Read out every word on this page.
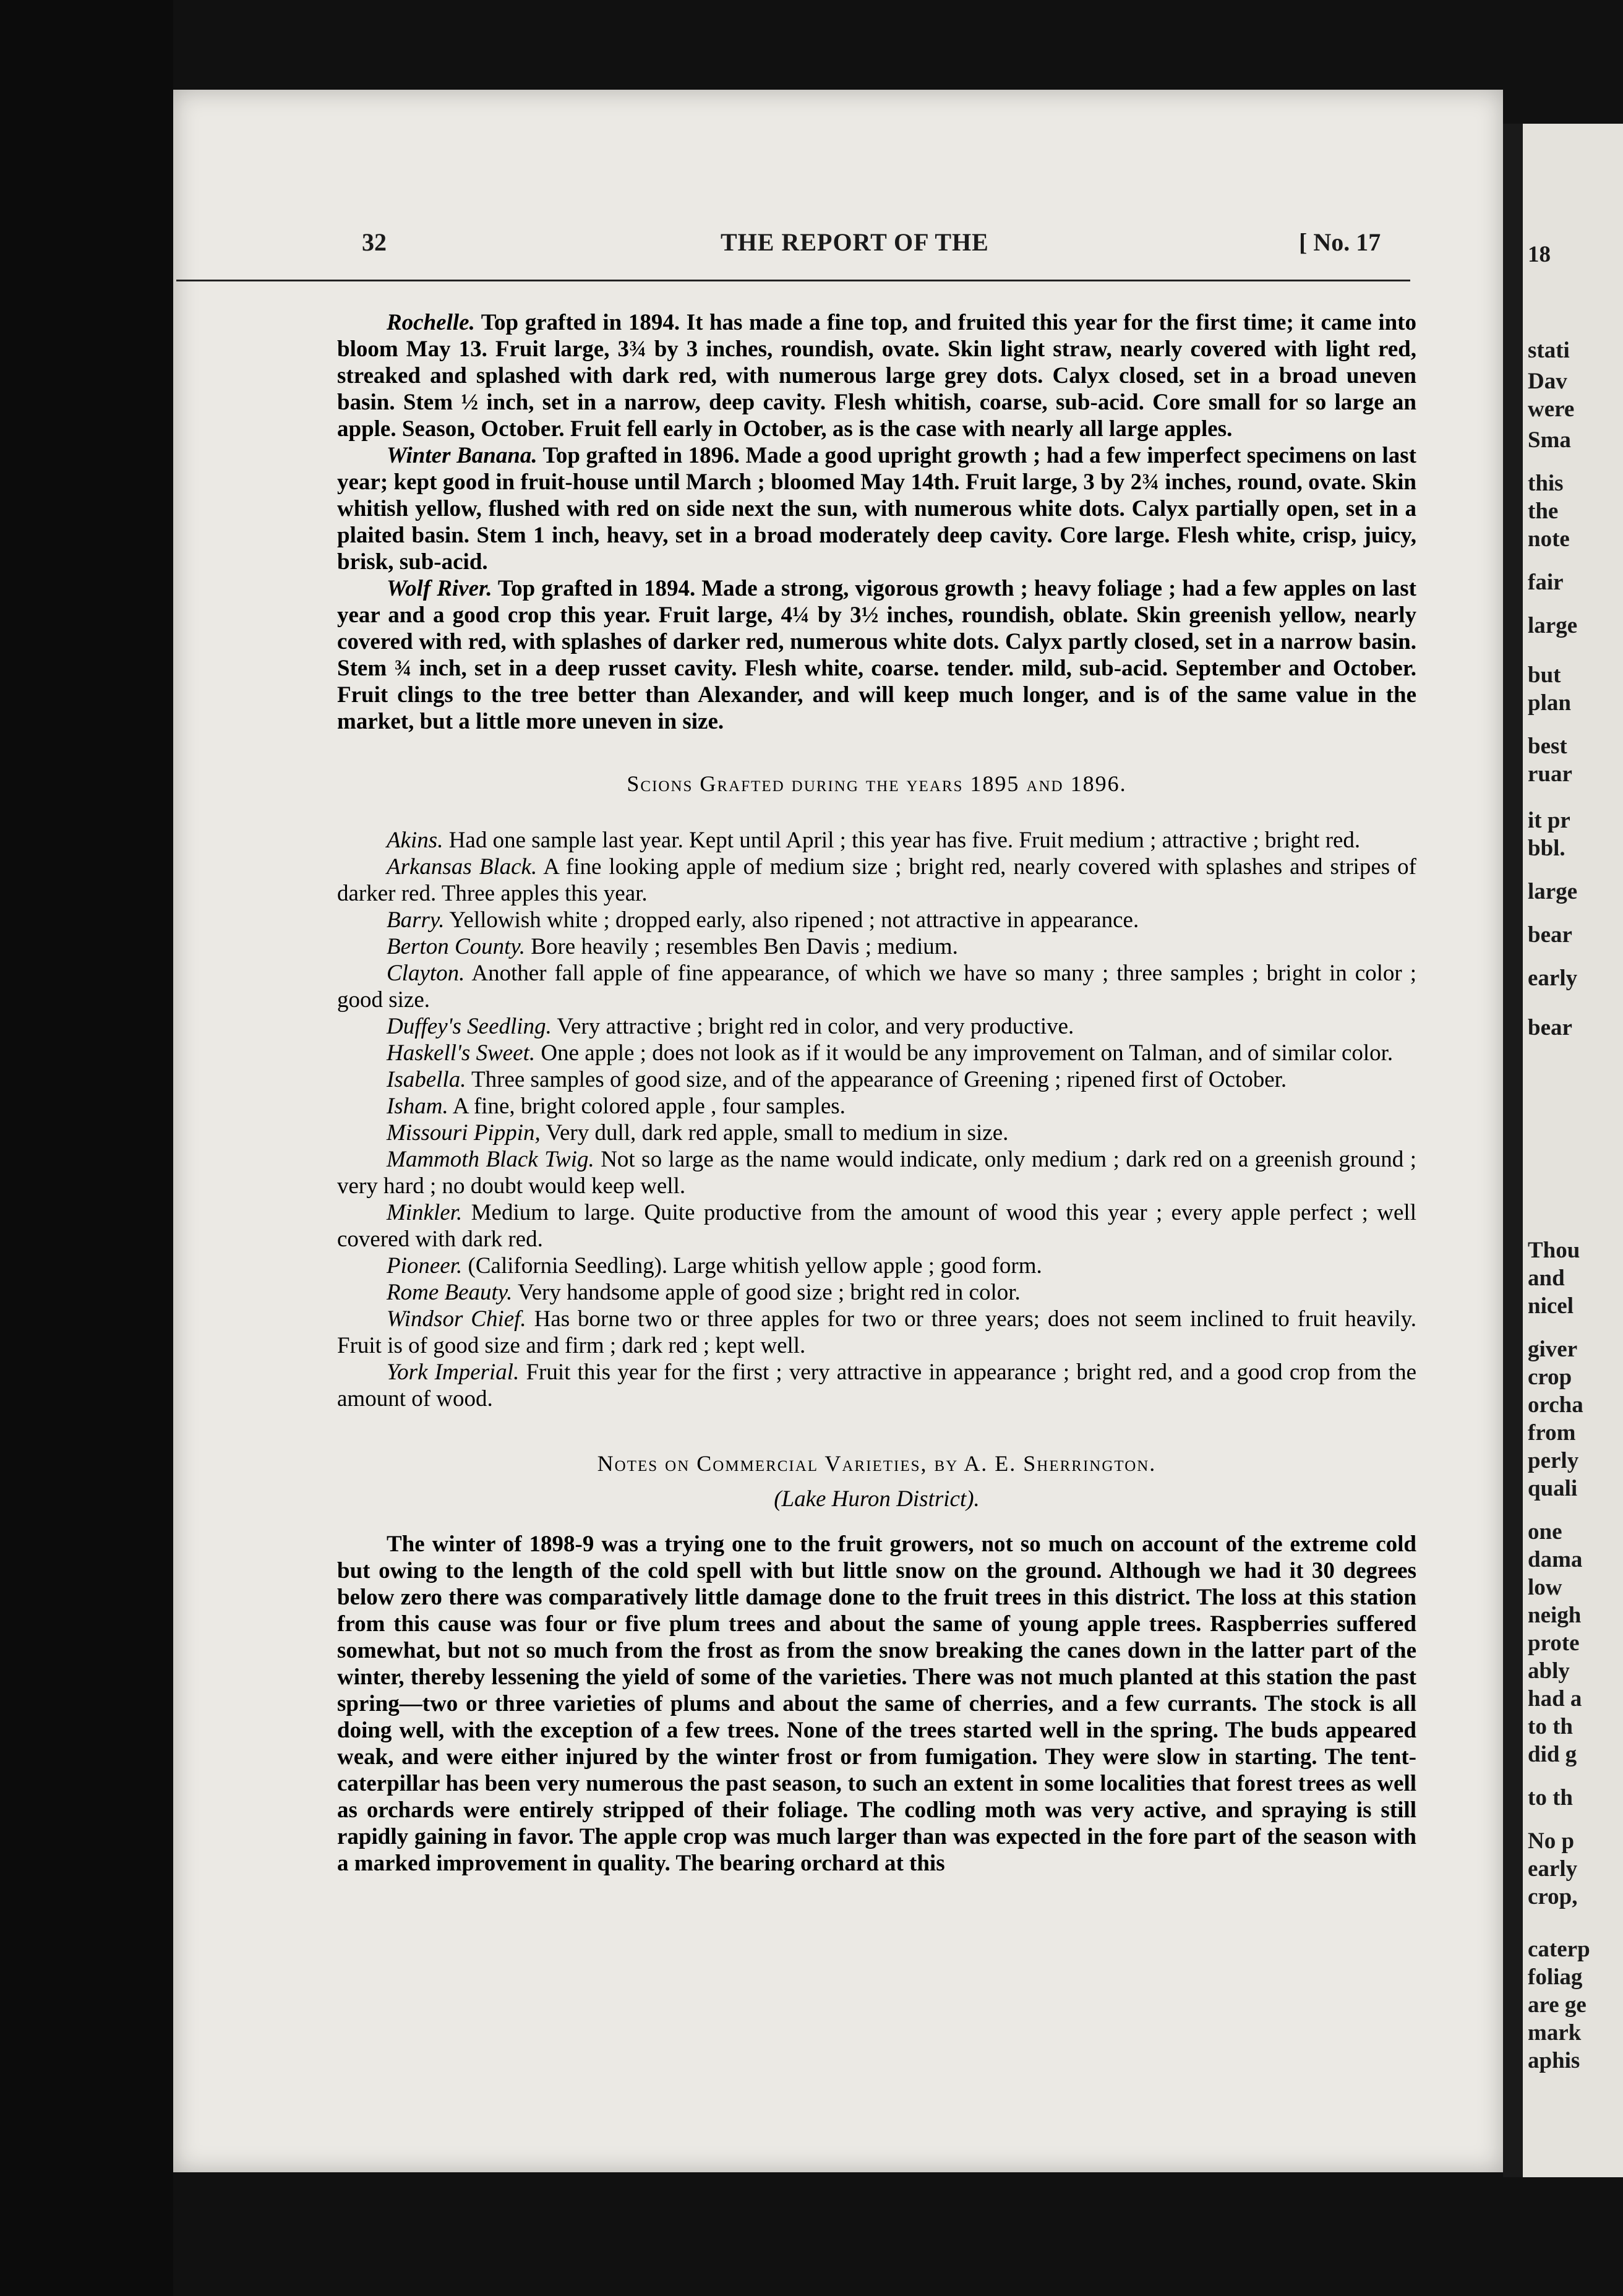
18
stati
Dav
were
Sma
this
the
note
fair
large
but
plan
best
ruar
it pr
bbl.
large
bear
early
bear
Thou
and
nicel
giver
crop
orcha
from
perly
quali
one
dama
low
neigh
prote
ably
had a
to th
did g
to th
No p
early
crop,
caterp
foliag
are ge
mark
aphis
32	THE REPORT OF THE	[ No. 17

Rochelle. Top grafted in 1894. It has made a fine top, and fruited this year for the first time; it came into bloom May 13. Fruit large, 3¾ by 3 inches, roundish, ovate. Skin light straw, nearly covered with light red, streaked and splashed with dark red, with numerous large grey dots. Calyx closed, set in a broad uneven basin. Stem ½ inch, set in a narrow, deep cavity. Flesh whitish, coarse, sub-acid. Core small for so large an apple. Season, October. Fruit fell early in October, as is the case with nearly all large apples.

Winter Banana. Top grafted in 1896. Made a good upright growth ; had a few imperfect specimens on last year; kept good in fruit-house until March ; bloomed May 14th. Fruit large, 3 by 2¾ inches, round, ovate. Skin whitish yellow, flushed with red on side next the sun, with numerous white dots. Calyx partially open, set in a plaited basin. Stem 1 inch, heavy, set in a broad moderately deep cavity. Core large. Flesh white, crisp, juicy, brisk, sub-acid.

Wolf River. Top grafted in 1894. Made a strong, vigorous growth ; heavy foliage ; had a few apples on last year and a good crop this year. Fruit large, 4¼ by 3½ inches, roundish, oblate. Skin greenish yellow, nearly covered with red, with splashes of darker red, numerous white dots. Calyx partly closed, set in a narrow basin. Stem ¾ inch, set in a deep russet cavity. Flesh white, coarse. tender. mild, sub-acid. September and October. Fruit clings to the tree better than Alexander, and will keep much longer, and is of the same value in the market, but a little more uneven in size.

Scions Grafted during the years 1895 and 1896.

Akins. Had one sample last year. Kept until April ; this year has five. Fruit medium ; attractive ; bright red.

Arkansas Black. A fine looking apple of medium size ; bright red, nearly covered with splashes and stripes of darker red. Three apples this year.

Barry. Yellowish white ; dropped early, also ripened ; not attractive in appearance.

Berton County. Bore heavily ; resembles Ben Davis ; medium.

Clayton. Another fall apple of fine appearance, of which we have so many ; three samples ; bright in color ; good size.

Duffey's Seedling. Very attractive ; bright red in color, and very productive.

Haskell's Sweet. One apple ; does not look as if it would be any improvement on Talman, and of similar color.

Isabella. Three samples of good size, and of the appearance of Greening ; ripened first of October.

Isham. A fine, bright colored apple , four samples.

Missouri Pippin, Very dull, dark red apple, small to medium in size.

Mammoth Black Twig. Not so large as the name would indicate, only medium ; dark red on a greenish ground ; very hard ; no doubt would keep well.

Minkler. Medium to large. Quite productive from the amount of wood this year ; every apple perfect ; well covered with dark red.

Pioneer. (California Seedling). Large whitish yellow apple ; good form.

Rome Beauty. Very handsome apple of good size ; bright red in color.

Windsor Chief. Has borne two or three apples for two or three years; does not seem inclined to fruit heavily. Fruit is of good size and firm ; dark red ; kept well.

York Imperial. Fruit this year for the first ; very attractive in appearance ; bright red, and a good crop from the amount of wood.

Notes on Commercial Varieties, by A. E. Sherrington.
(Lake Huron District).

The winter of 1898-9 was a trying one to the fruit growers, not so much on account of the extreme cold but owing to the length of the cold spell with but little snow on the ground. Although we had it 30 degrees below zero there was comparatively little damage done to the fruit trees in this district. The loss at this station from this cause was four or five plum trees and about the same of young apple trees. Raspberries suffered somewhat, but not so much from the frost as from the snow breaking the canes down in the latter part of the winter, thereby lessening the yield of some of the varieties. There was not much planted at this station the past spring—two or three varieties of plums and about the same of cherries, and a few currants. The stock is all doing well, with the exception of a few trees. None of the trees started well in the spring. The buds appeared weak, and were either injured by the winter frost or from fumigation. They were slow in starting. The tent-caterpillar has been very numerous the past season, to such an extent in some localities that forest trees as well as orchards were entirely stripped of their foliage. The codling moth was very active, and spraying is still rapidly gaining in favor. The apple crop was much larger than was expected in the fore part of the season with a marked improvement in quality. The bearing orchard at this
